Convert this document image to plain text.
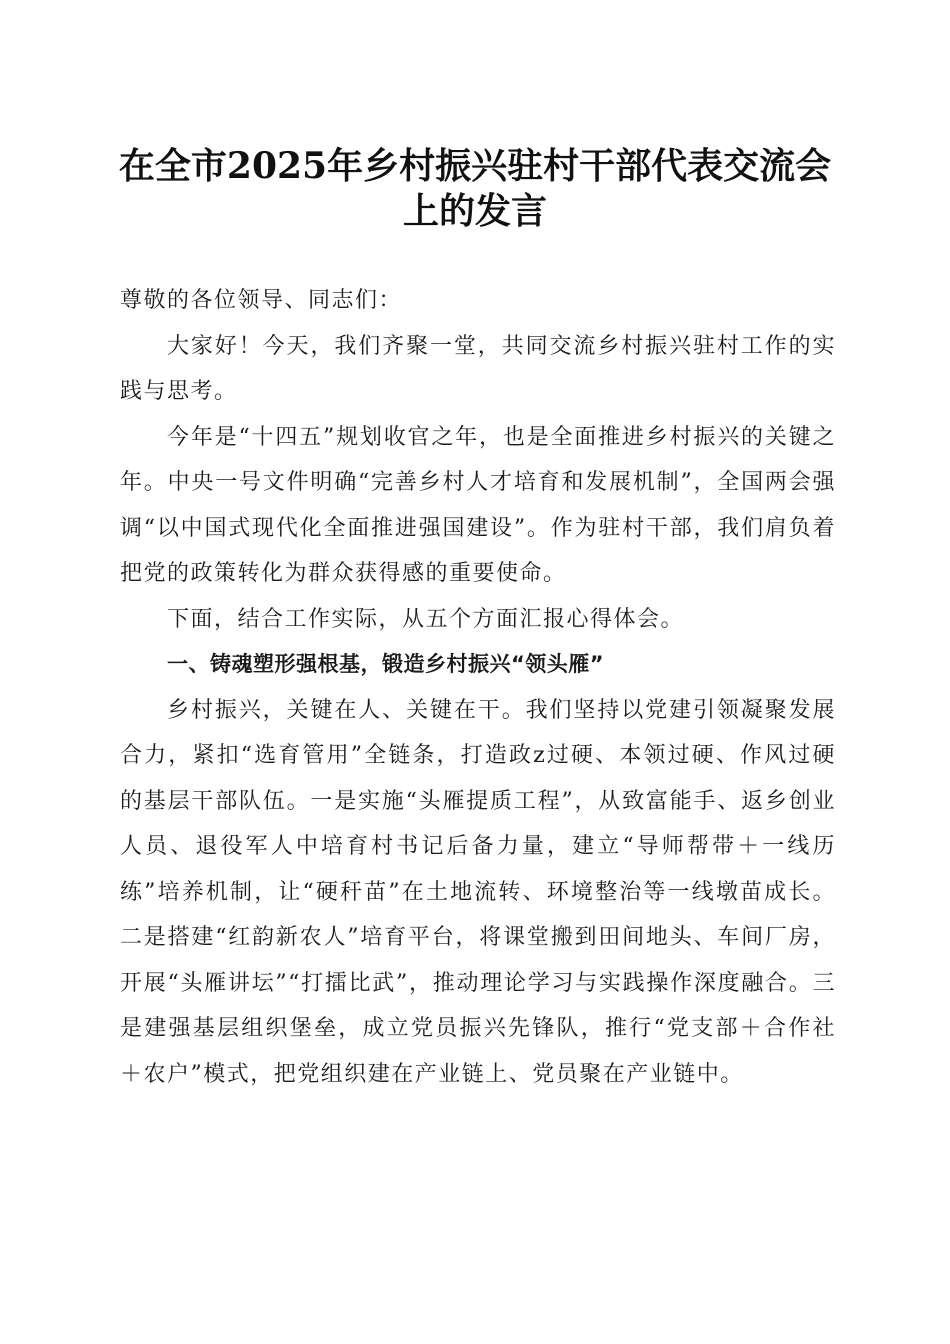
在全市2025年乡村振兴驻村干部代表交流会
上的发言

尊敬的各位领导、同志们：

大家好！今天，我们齐聚一堂，共同交流乡村振兴驻村工作的实践与思考。

今年是“十四五”规划收官之年，也是全面推进乡村振兴的关键之年。中央一号文件明确“完善乡村人才培育和发展机制”，全国两会强调“以中国式现代化全面推进强国建设”。作为驻村干部，我们肩负着把党的政策转化为群众获得感的重要使命。

下面，结合工作实际，从五个方面汇报心得体会。

一、铸魂塑形强根基，锻造乡村振兴“领头雁”

乡村振兴，关键在人、关键在干。我们坚持以党建引领凝聚发展合力，紧扣“选育管用”全链条，打造政z过硬、本领过硬、作风过硬的基层干部队伍。一是实施“头雁提质工程”，从致富能手、返乡创业人员、退役军人中培育村书记后备力量，建立“导师帮带＋一线历练”培养机制，让“硬秆苗”在土地流转、环境整治等一线墩苗成长。二是搭建“红韵新农人”培育平台，将课堂搬到田间地头、车间厂房，开展“头雁讲坛”“打擂比武”，推动理论学习与实践操作深度融合。三是建强基层组织堡垒，成立党员振兴先锋队，推行“党支部＋合作社＋农户”模式，把党组织建在产业链上、党员聚在产业链中。
